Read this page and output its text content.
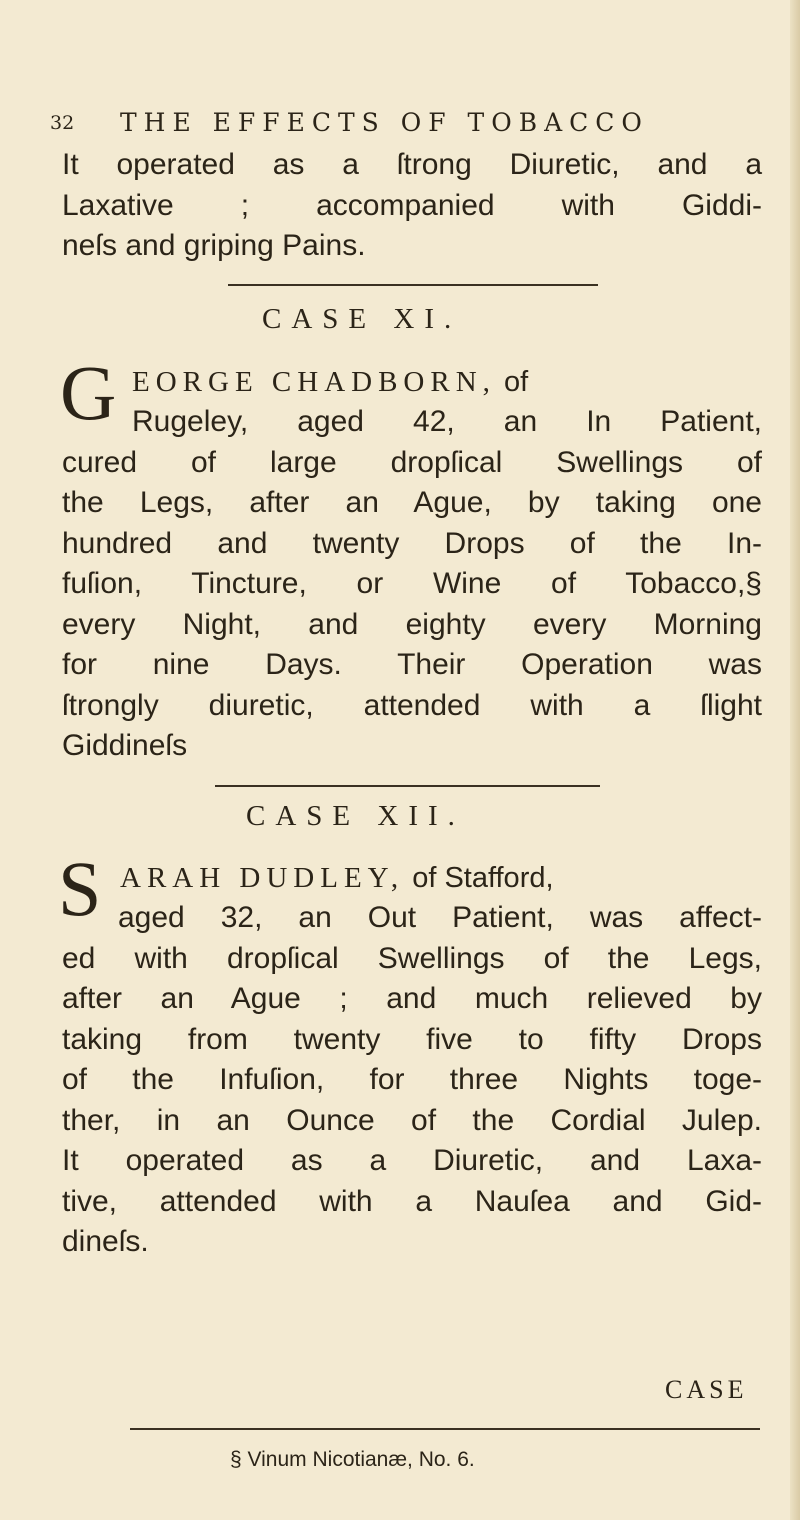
32 THE EFFECTS OF TOBACCO
It operated as a ſtrong Diuretic, and a
Laxative ; accompanied with Giddi-
neſs and griping Pains.
CASE XI.
G EORGE CHADBORN, of
Rugeley, aged 42, an In Patient,
cured of large dropſical Swellings of
the Legs, after an Ague, by taking one
hundred and twenty Drops of the In-
fuſion, Tincture, or Wine of Tobacco,§
every Night, and eighty every Morning
for nine Days. Their Operation was
ſtrongly diuretic, attended with a ſlight
Giddineſs
CASE XII.
S ARAH DUDLEY, of Stafford,
aged 32, an Out Patient, was affect-
ed with dropſical Swellings of the Legs,
after an Ague ; and much relieved by
taking from twenty five to fifty Drops
of the Infuſion, for three Nights toge-
ther, in an Ounce of the Cordial Julep.
It operated as a Diuretic, and Laxa-
tive, attended with a Nauſea and Gid-
dineſs.
CASE
§ Vinum Nicotianæ, No. 6.
